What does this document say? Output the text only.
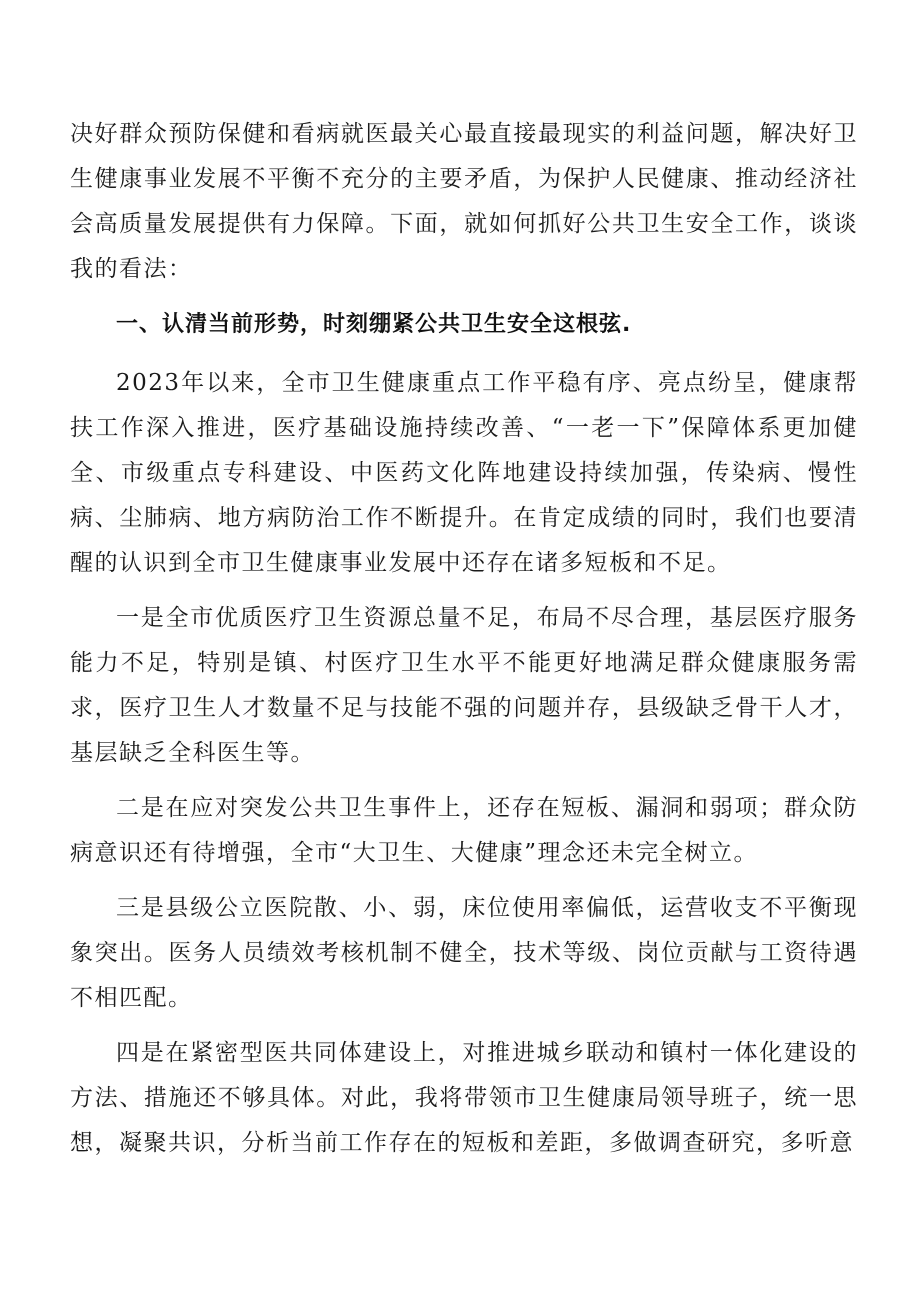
决好群众预防保健和看病就医最关心最直接最现实的利益问题，解决好卫生健康事业发展不平衡不充分的主要矛盾，为保护人民健康、推动经济社会高质量发展提供有力保障。下面，就如何抓好公共卫生安全工作，谈谈我的看法：

一、认清当前形势，时刻绷紧公共卫生安全这根弦.

2023年以来，全市卫生健康重点工作平稳有序、亮点纷呈，健康帮扶工作深入推进，医疗基础设施持续改善、“一老一下”保障体系更加健全、市级重点专科建设、中医药文化阵地建设持续加强，传染病、慢性病、尘肺病、地方病防治工作不断提升。在肯定成绩的同时，我们也要清醒的认识到全市卫生健康事业发展中还存在诸多短板和不足。

一是全市优质医疗卫生资源总量不足，布局不尽合理，基层医疗服务能力不足，特别是镇、村医疗卫生水平不能更好地满足群众健康服务需求，医疗卫生人才数量不足与技能不强的问题并存，县级缺乏骨干人才，基层缺乏全科医生等。

二是在应对突发公共卫生事件上，还存在短板、漏洞和弱项；群众防病意识还有待增强，全市“大卫生、大健康”理念还未完全树立。

三是县级公立医院散、小、弱，床位使用率偏低，运营收支不平衡现象突出。医务人员绩效考核机制不健全，技术等级、岗位贡献与工资待遇不相匹配。

四是在紧密型医共同体建设上，对推进城乡联动和镇村一体化建设的方法、措施还不够具体。对此，我将带领市卫生健康局领导班子，统一思想，凝聚共识，分析当前工作存在的短板和差距，多做调查研究，多听意
